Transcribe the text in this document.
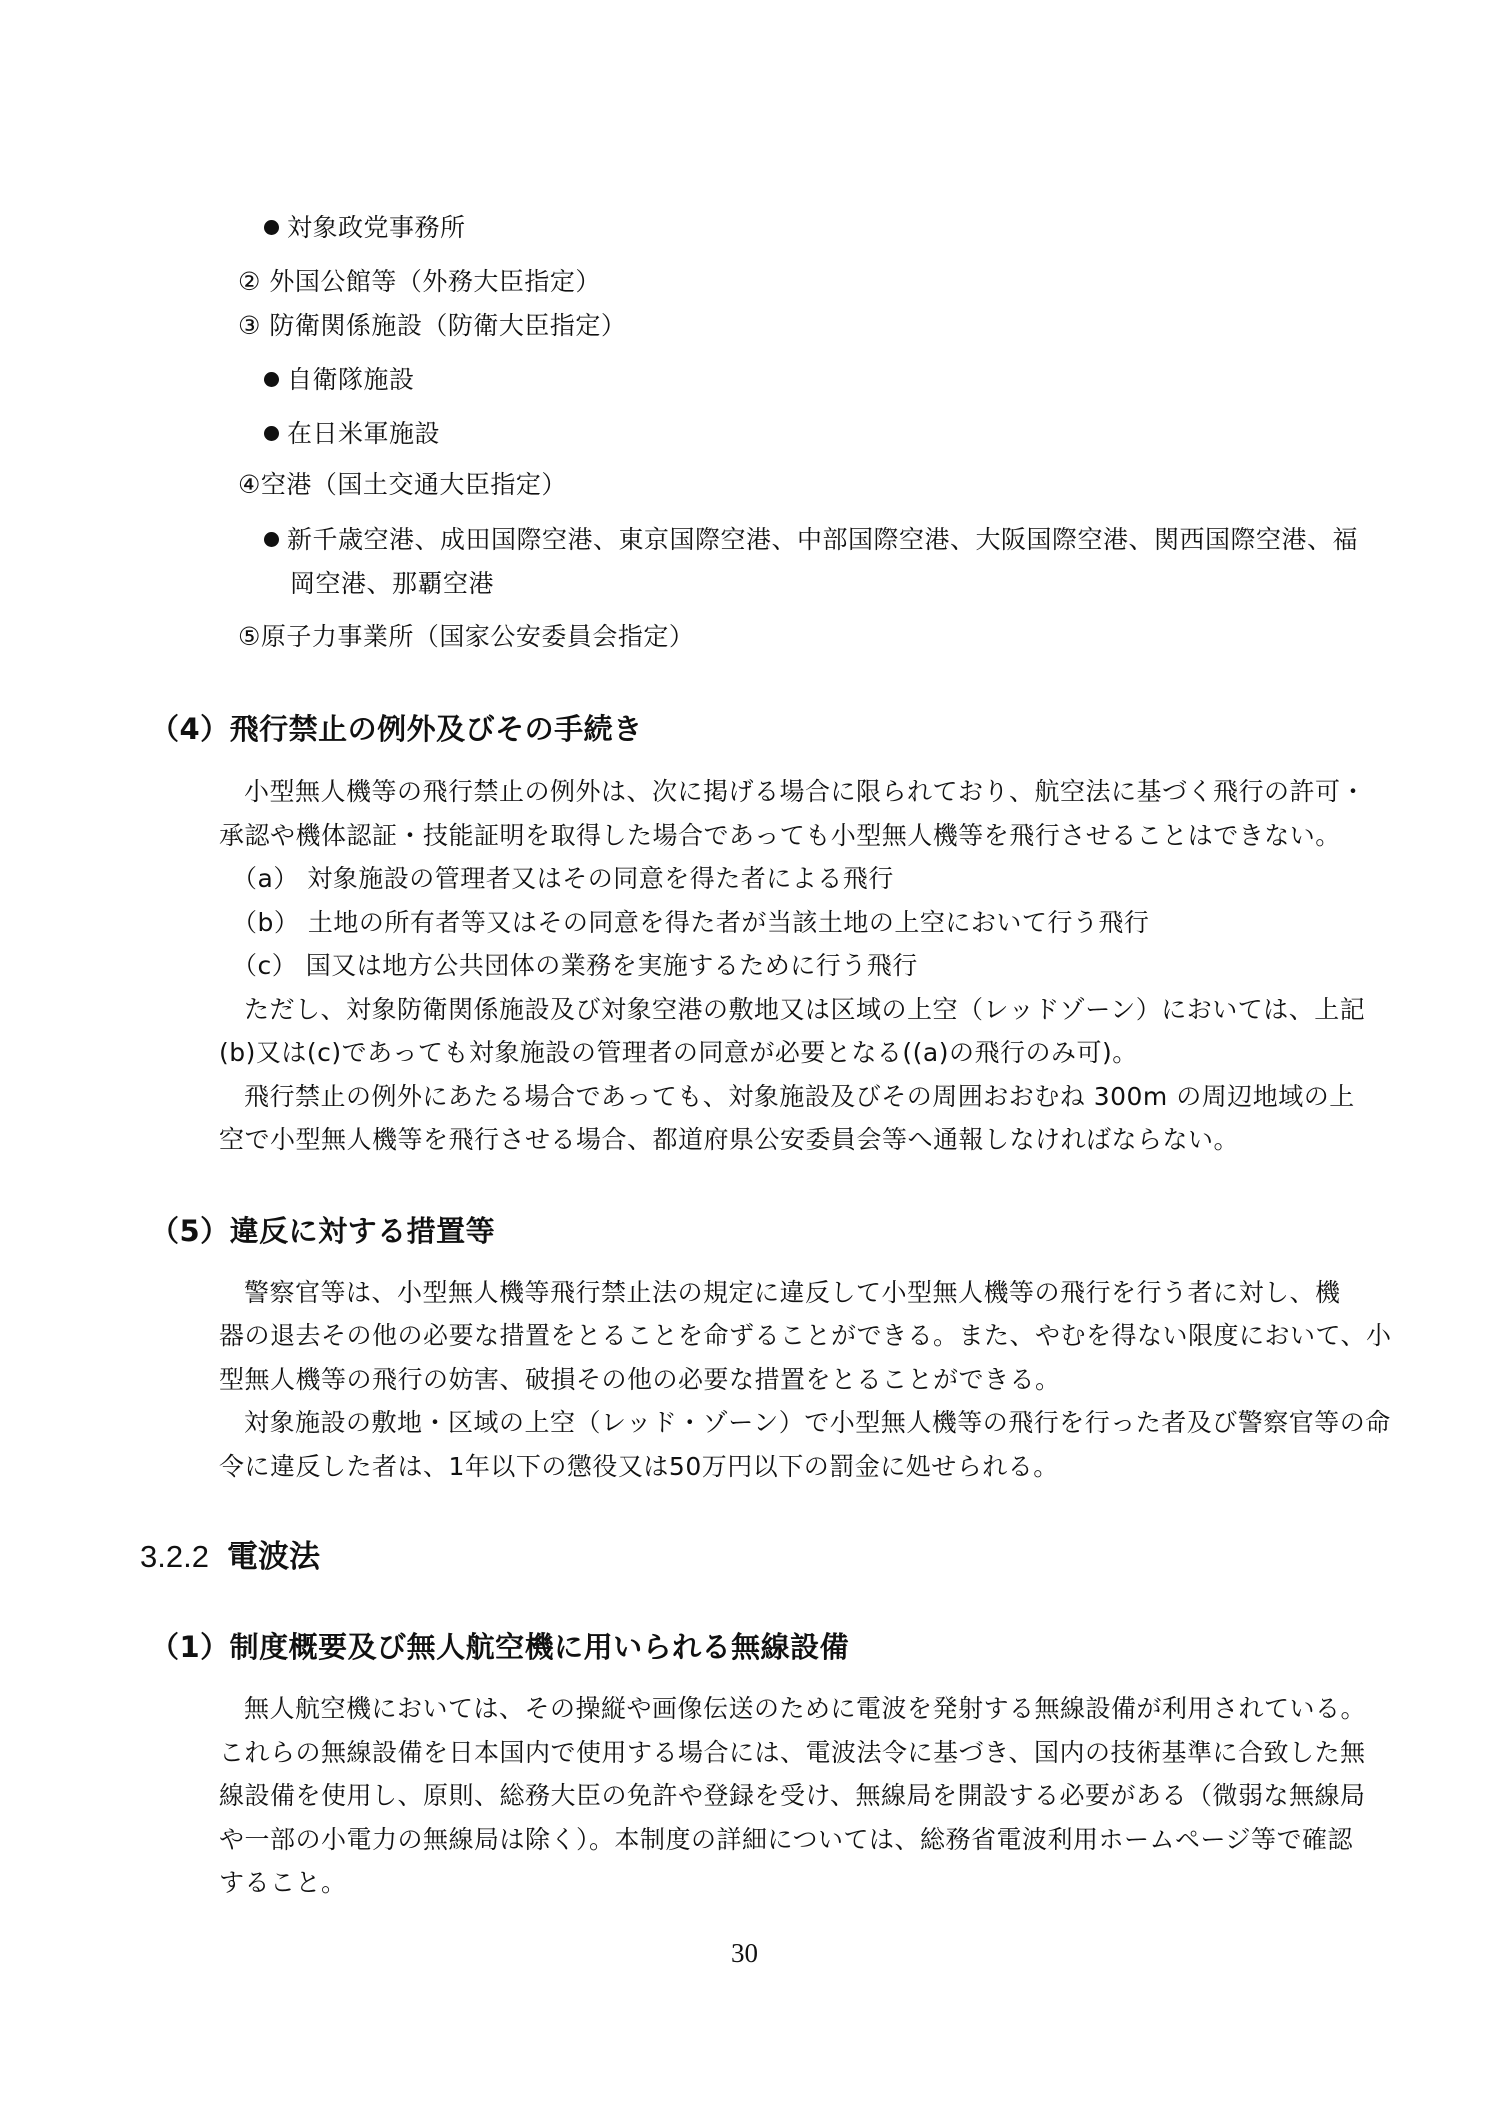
対象政党事務所
② 外国公館等（外務大臣指定）
③ 防衛関係施設（防衛大臣指定）
自衛隊施設
在日米軍施設
④空港（国土交通大臣指定）
新千歳空港、成田国際空港、東京国際空港、中部国際空港、大阪国際空港、関西国際空港、福
岡空港、那覇空港
⑤原子力事業所（国家公安委員会指定）
（4）飛行禁止の例外及びその手続き
小型無人機等の飛行禁止の例外は、次に掲げる場合に限られており、航空法に基づく飛行の許可・
承認や機体認証・技能証明を取得した場合であっても小型無人機等を飛行させることはできない。
（a） 対象施設の管理者又はその同意を得た者による飛行
（b） 土地の所有者等又はその同意を得た者が当該土地の上空において行う飛行
（c） 国又は地方公共団体の業務を実施するために行う飛行
ただし、対象防衛関係施設及び対象空港の敷地又は区域の上空（レッドゾーン）においては、上記
(b)又は(c)であっても対象施設の管理者の同意が必要となる((a)の飛行のみ可)。
飛行禁止の例外にあたる場合であっても、対象施設及びその周囲おおむね 300m の周辺地域の上
空で小型無人機等を飛行させる場合、都道府県公安委員会等へ通報しなければならない。
（5）違反に対する措置等
警察官等は、小型無人機等飛行禁止法の規定に違反して小型無人機等の飛行を行う者に対し、機
器の退去その他の必要な措置をとることを命ずることができる。また、やむを得ない限度において、小
型無人機等の飛行の妨害、破損その他の必要な措置をとることができる。
対象施設の敷地・区域の上空（レッド・ゾーン）で小型無人機等の飛行を行った者及び警察官等の命
令に違反した者は、1年以下の懲役又は50万円以下の罰金に処せられる。
3.2.2 電波法
（1）制度概要及び無人航空機に用いられる無線設備
無人航空機においては、その操縦や画像伝送のために電波を発射する無線設備が利用されている。
これらの無線設備を日本国内で使用する場合には、電波法令に基づき、国内の技術基準に合致した無
線設備を使用し、原則、総務大臣の免許や登録を受け、無線局を開設する必要がある（微弱な無線局
や一部の小電力の無線局は除く）。本制度の詳細については、総務省電波利用ホームページ等で確認
すること。
30
